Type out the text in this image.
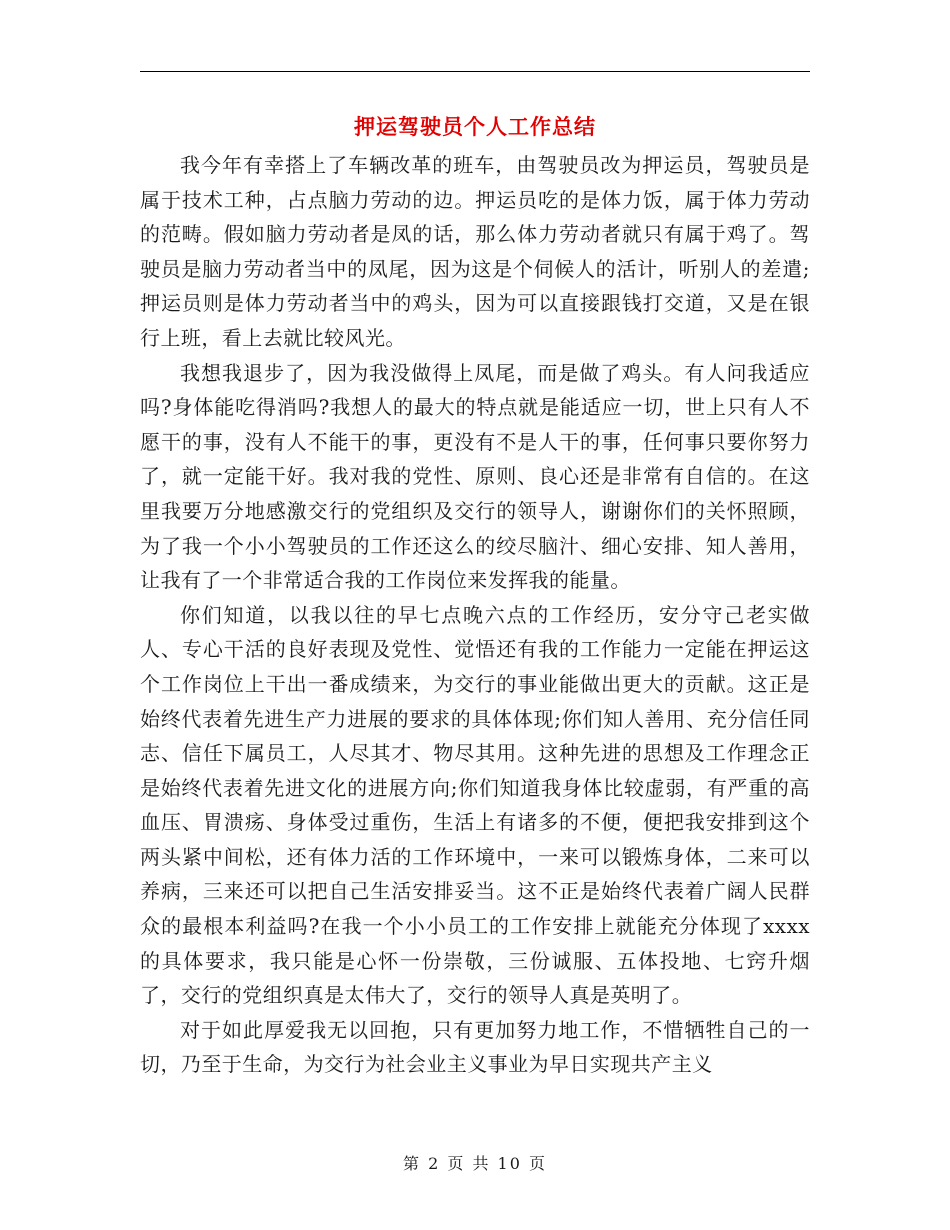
押运驾驶员个人工作总结

我今年有幸搭上了车辆改革的班车，由驾驶员改为押运员，驾驶员是属于技术工种，占点脑力劳动的边。押运员吃的是体力饭，属于体力劳动的范畴。假如脑力劳动者是凤的话，那么体力劳动者就只有属于鸡了。驾驶员是脑力劳动者当中的凤尾，因为这是个伺候人的活计，听别人的差遣;押运员则是体力劳动者当中的鸡头，因为可以直接跟钱打交道，又是在银行上班，看上去就比较风光。

我想我退步了，因为我没做得上凤尾，而是做了鸡头。有人问我适应吗?身体能吃得消吗?我想人的最大的特点就是能适应一切，世上只有人不愿干的事，没有人不能干的事，更没有不是人干的事，任何事只要你努力了，就一定能干好。我对我的党性、原则、良心还是非常有自信的。在这里我要万分地感激交行的党组织及交行的领导人，谢谢你们的关怀照顾，为了我一个小小驾驶员的工作还这么的绞尽脑汁、细心安排、知人善用，让我有了一个非常适合我的工作岗位来发挥我的能量。

你们知道，以我以往的早七点晚六点的工作经历，安分守己老实做人、专心干活的良好表现及党性、觉悟还有我的工作能力一定能在押运这个工作岗位上干出一番成绩来，为交行的事业能做出更大的贡献。这正是始终代表着先进生产力进展的要求的具体体现;你们知人善用、充分信任同志、信任下属员工，人尽其才、物尽其用。这种先进的思想及工作理念正是始终代表着先进文化的进展方向;你们知道我身体比较虚弱，有严重的高血压、胃溃疡、身体受过重伤，生活上有诸多的不便，便把我安排到这个两头紧中间松，还有体力活的工作环境中，一来可以锻炼身体，二来可以养病，三来还可以把自己生活安排妥当。这不正是始终代表着广阔人民群众的最根本利益吗?在我一个小小员工的工作安排上就能充分体现了xxxx的具体要求，我只能是心怀一份崇敬，三份诚服、五体投地、七窍升烟了，交行的党组织真是太伟大了，交行的领导人真是英明了。

对于如此厚爱我无以回抱，只有更加努力地工作，不惜牺牲自己的一切，乃至于生命，为交行为社会业主义事业为早日实现共产主义

第 2 页 共 10 页
